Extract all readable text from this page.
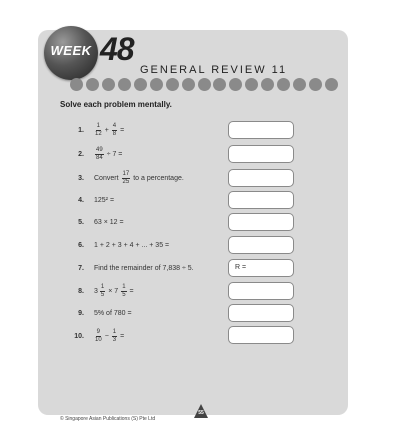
WEEK 48
GENERAL REVIEW 11
Solve each problem mentally.
1. $\frac{1}{12} + \frac{4}{8}$ =
2. $\frac{49}{84} \div 7$ =
3. Convert $\frac{17}{25}$ to a percentage.
4. 125² =
5. 63 × 12 =
6. 1 + 2 + 3 + 4 + ... + 35 =
7. Find the remainder of 7,838 ÷ 5.
8. $3 \frac{1}{5} \times 7 \frac{1}{5}$ =
9. 5% of 780 =
10. $\frac{9}{10} - \frac{1}{3}$ =
R =
55
© Singapore Asian Publications (S) Pte Ltd
